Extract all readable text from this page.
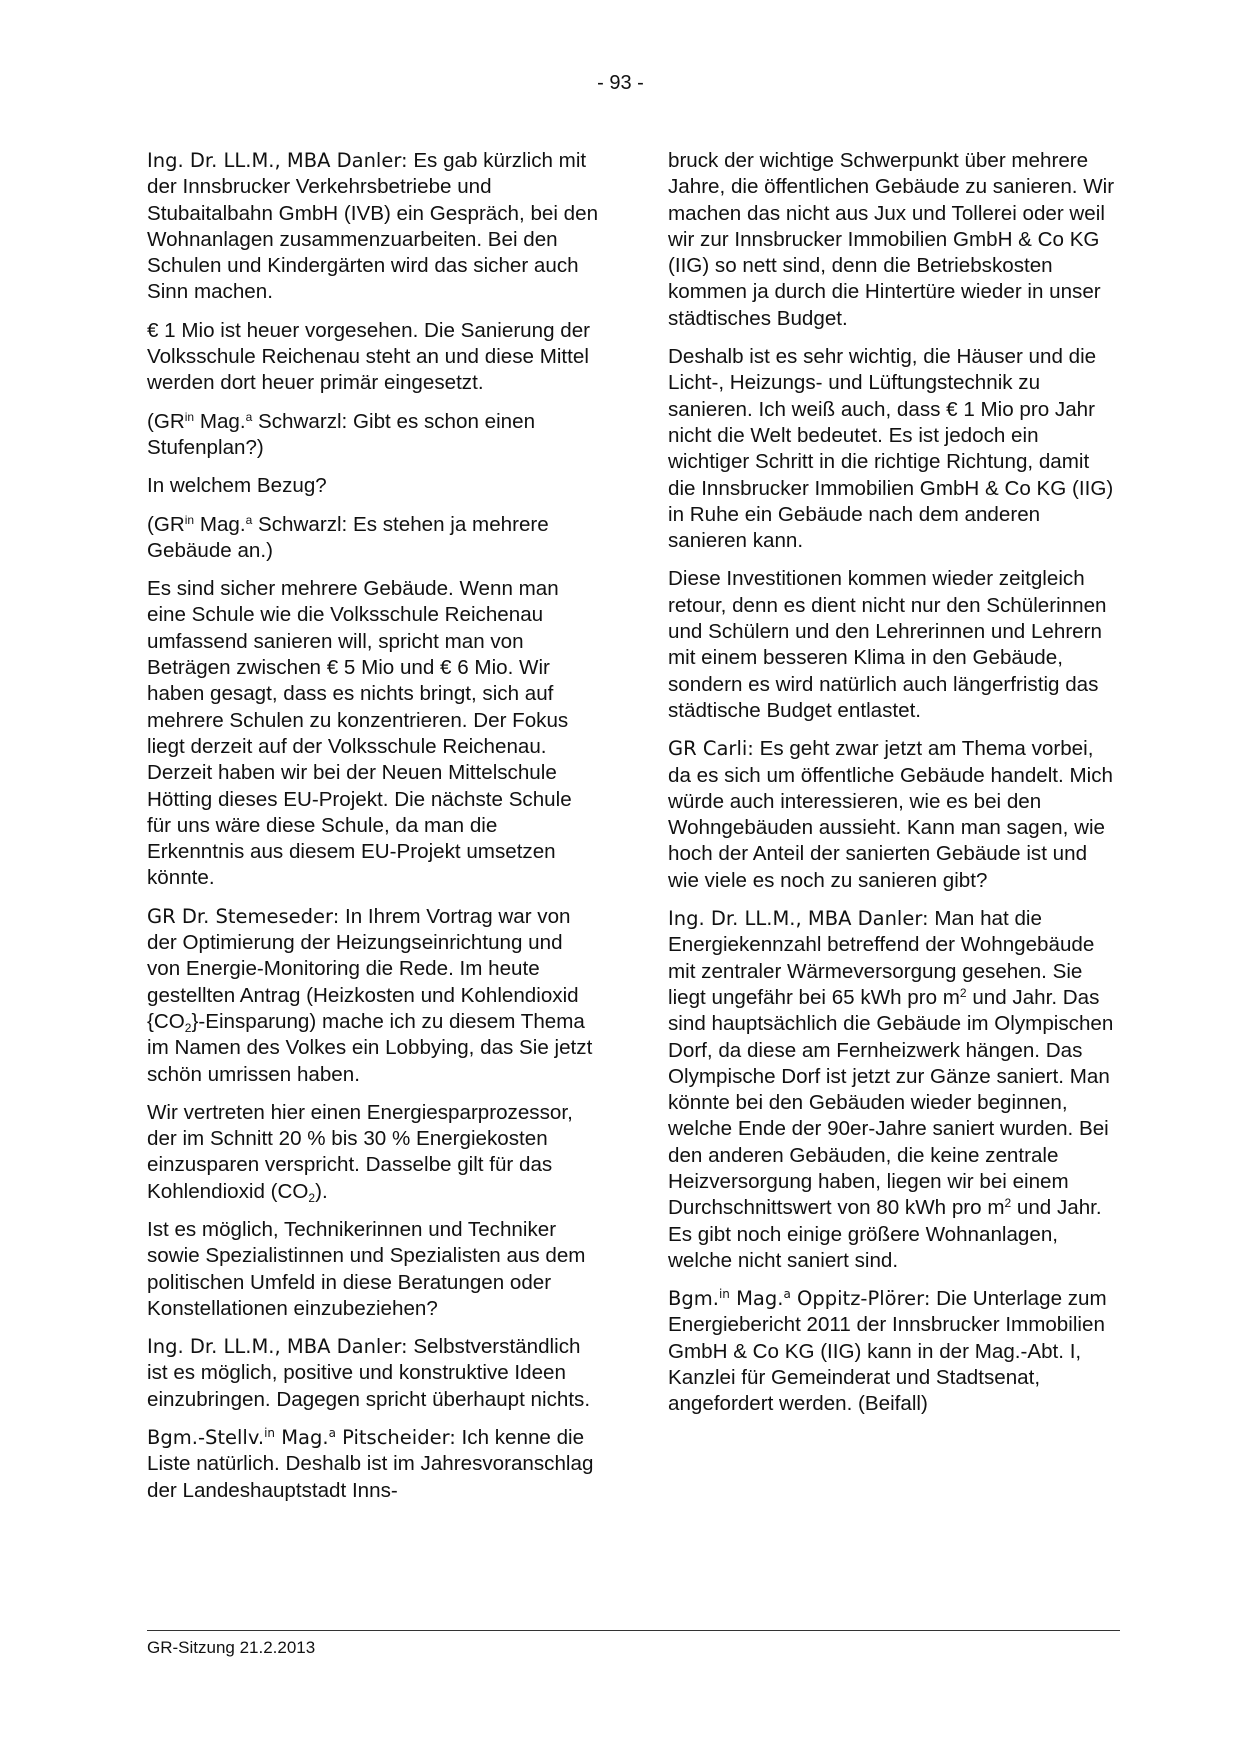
- 93 -

Ing. Dr. LL.M., MBA Danler: Es gab kürzlich mit der Innsbrucker Verkehrsbetriebe und Stubaitalbahn GmbH (IVB) ein Gespräch, bei den Wohnanlagen zusammenzuarbeiten. Bei den Schulen und Kindergärten wird das sicher auch Sinn machen.

€ 1 Mio ist heuer vorgesehen. Die Sanierung der Volksschule Reichenau steht an und diese Mittel werden dort heuer primär eingesetzt.

($GR^{in}$ Mag.$^a$ Schwarzl: Gibt es schon einen Stufenplan?)

In welchem Bezug?

($GR^{in}$ Mag.$^a$ Schwarzl: Es stehen ja mehrere Gebäude an.)

Es sind sicher mehrere Gebäude. Wenn man eine Schule wie die Volksschule Reichenau umfassend sanieren will, spricht man von Beträgen zwischen € 5 Mio und € 6 Mio. Wir haben gesagt, dass es nichts bringt, sich auf mehrere Schulen zu konzentrieren. Der Fokus liegt derzeit auf der Volksschule Reichenau. Derzeit haben wir bei der Neuen Mittelschule Hötting dieses EU-Projekt. Die nächste Schule für uns wäre diese Schule, da man die Erkenntnis aus diesem EU-Projekt umsetzen könnte.

GR Dr. Stemeseder: In Ihrem Vortrag war von der Optimierung der Heizungseinrichtung und von Energie-Monitoring die Rede. Im heute gestellten Antrag (Heizkosten und Kohlendioxid $\{CO_2\}-Einsparung$) mache ich zu diesem Thema im Namen des Volkes ein Lobbying, das Sie jetzt schön umrissen haben.

Wir vertreten hier einen Energiesparprozessor, der im Schnitt 20 % bis 30 % Energiekosten einzusparen verspricht. Dasselbe gilt für das Kohlendioxid $(CO_2)$.

Ist es möglich, Technikerinnen und Techniker sowie Spezialistinnen und Spezialisten aus dem politischen Umfeld in diese Beratungen oder Konstellationen einzubeziehen?

Ing. Dr. LL.M., MBA Danler: Selbstverständlich ist es möglich, positive und konstruktive Ideen einzubringen. Dagegen spricht überhaupt nichts.

Bgm.-Stellv.$^{in}$ Mag.$^a$ Pitscheider: Ich kenne die Liste natürlich. Deshalb ist im Jahresvoranschlag der Landeshauptstadt Inns-

bruck der wichtige Schwerpunkt über mehrere Jahre, die öffentlichen Gebäude zu sanieren. Wir machen das nicht aus Jux und Tollerei oder weil wir zur Innsbrucker Immobilien GmbH & Co KG (IIG) so nett sind, denn die Betriebskosten kommen ja durch die Hintertüre wieder in unser städtisches Budget.

Deshalb ist es sehr wichtig, die Häuser und die Licht-, Heizungs- und Lüftungstechnik zu sanieren. Ich weiß auch, dass € 1 Mio pro Jahr nicht die Welt bedeutet. Es ist jedoch ein wichtiger Schritt in die richtige Richtung, damit die Innsbrucker Immobilien GmbH & Co KG (IIG) in Ruhe ein Gebäude nach dem anderen sanieren kann.

Diese Investitionen kommen wieder zeitgleich retour, denn es dient nicht nur den Schülerinnen und Schülern und den Lehrerinnen und Lehrern mit einem besseren Klima in den Gebäude, sondern es wird natürlich auch längerfristig das städtische Budget entlastet.

GR Carli: Es geht zwar jetzt am Thema vorbei, da es sich um öffentliche Gebäude handelt. Mich würde auch interessieren, wie es bei den Wohngebäuden aussieht. Kann man sagen, wie hoch der Anteil der sanierten Gebäude ist und wie viele es noch zu sanieren gibt?

Ing. Dr. LL.M., MBA Danler: Man hat die Energiekennzahl betreffend der Wohngebäude mit zentraler Wärmeversorgung gesehen. Sie liegt ungefähr bei 65 kWh pro $m^2$ und Jahr. Das sind hauptsächlich die Gebäude im Olympischen Dorf, da diese am Fernheizwerk hängen. Das Olympische Dorf ist jetzt zur Gänze saniert. Man könnte bei den Gebäuden wieder beginnen, welche Ende der 90er-Jahre saniert wurden. Bei den anderen Gebäuden, die keine zentrale Heizversorgung haben, liegen wir bei einem Durchschnittswert von 80 kWh pro $m^2$ und Jahr. Es gibt noch einige größere Wohnanlagen, welche nicht saniert sind.

Bgm.$^{in}$ Mag.$^a$ Oppitz-Plörer: Die Unterlage zum Energiebericht 2011 der Innsbrucker Immobilien GmbH & Co KG (IIG) kann in der Mag.-Abt. I, Kanzlei für Gemeinderat und Stadtsenat, angefordert werden. (Beifall)

GR-Sitzung 21.2.2013
